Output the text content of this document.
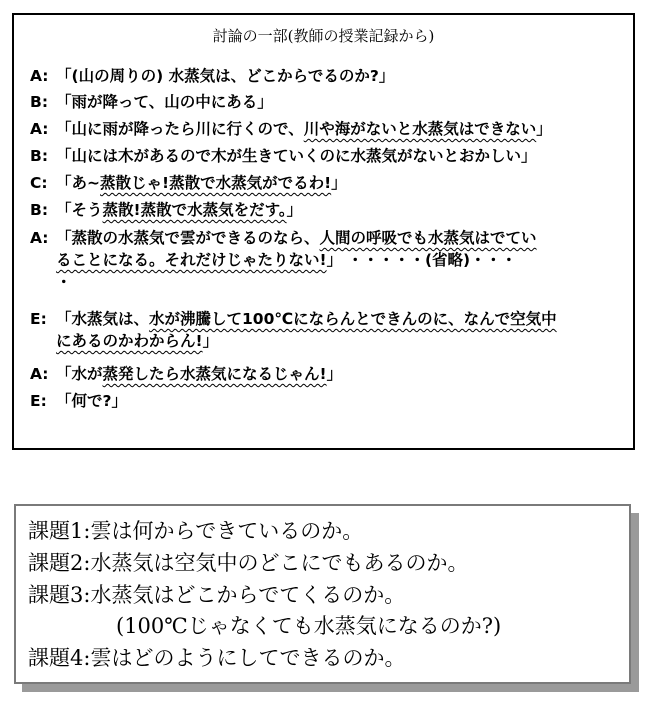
討論の一部(教師の授業記録から)
A: 「(山の周りの) 水蒸気は、どこからでるのか?」
B: 「雨が降って、山の中にある」
A: 「山に雨が降ったら川に行くので、川や海がないと水蒸気はできない」
B: 「山には木があるので木が生きていくのに水蒸気がないとおかしい」
C: 「あ~蒸散じゃ!蒸散で水蒸気がでるわ!」
B: 「そう蒸散!蒸散で水蒸気をだす。」
A: 「蒸散の水蒸気で雲ができるのなら、人間の呼吸でも水蒸気はでてい
ることになる。それだけじゃたりない!」 ・・・・・(省略)・・・
・
E: 「水蒸気は、水が沸騰して100℃にならんとできんのに、なんで空気中
にあるのかわからん!」
A: 「水が蒸発したら水蒸気になるじゃん!」
E: 「何で?」
課題1:雲は何からできているのか。
課題2:水蒸気は空気中のどこにでもあるのか。
課題3:水蒸気はどこからでてくるのか。
(100℃じゃなくても水蒸気になるのか?)
課題4:雲はどのようにしてできるのか。
